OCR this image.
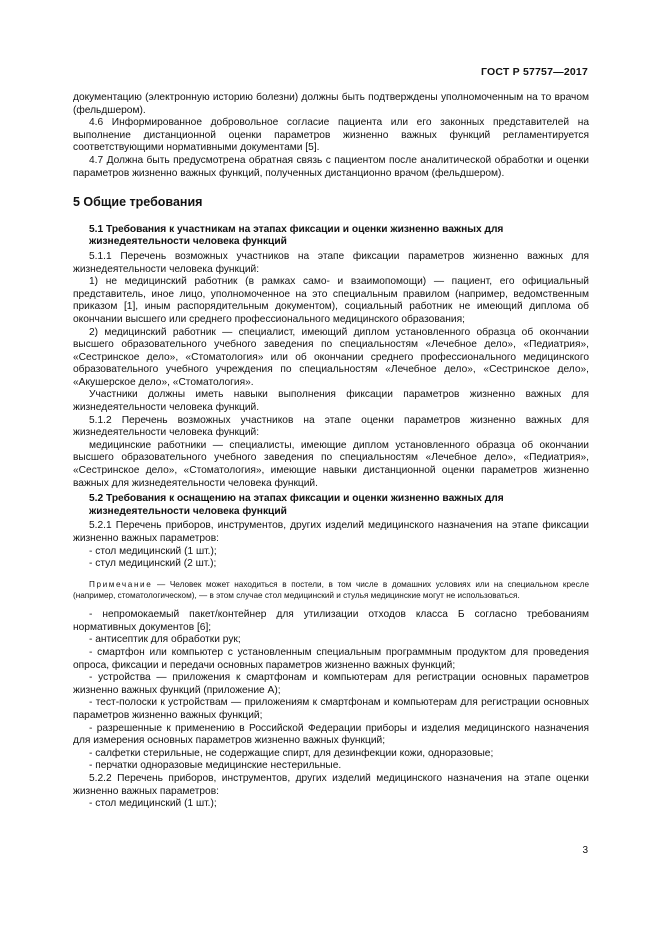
ГОСТ Р 57757—2017

документацию (электронную историю болезни) должны быть подтверждены уполномоченным на то врачом (фельдшером).

4.6 Информированное добровольное согласие пациента или его законных представителей на выполнение дистанционной оценки параметров жизненно важных функций регламентируется соответствующими нормативными документами [5].

4.7 Должна быть предусмотрена обратная связь с пациентом после аналитической обработки и оценки параметров жизненно важных функций, полученных дистанционно врачом (фельдшером).

5 Общие требования

5.1 Требования к участникам на этапах фиксации и оценки жизненно важных для жизнедеятельности человека функций

5.1.1 Перечень возможных участников на этапе фиксации параметров жизненно важных для жизнедеятельности человека функций:

1) не медицинский работник (в рамках само- и взаимопомощи) — пациент, его официальный представитель, иное лицо, уполномоченное на это специальным правилом (например, ведомственным приказом [1], иным распорядительным документом), социальный работник не имеющий диплома об окончании высшего или среднего профессионального медицинского образования;

2) медицинский работник — специалист, имеющий диплом установленного образца об окончании высшего образовательного учебного заведения по специальностям «Лечебное дело», «Педиатрия», «Сестринское дело», «Стоматология» или об окончании среднего профессионального медицинского образовательного учебного учреждения по специальностям «Лечебное дело», «Сестринское дело», «Акушерское дело», «Стоматология».

Участники должны иметь навыки выполнения фиксации параметров жизненно важных для жизнедеятельности человека функций.

5.1.2 Перечень возможных участников на этапе оценки параметров жизненно важных для жизнедеятельности человека функций:

медицинские работники — специалисты, имеющие диплом установленного образца об окончании высшего образовательного учебного заведения по специальностям «Лечебное дело», «Педиатрия», «Сестринское дело», «Стоматология», имеющие навыки дистанционной оценки параметров жизненно важных для жизнедеятельности человека функций.

5.2 Требования к оснащению на этапах фиксации и оценки жизненно важных для жизнедеятельности человека функций

5.2.1 Перечень приборов, инструментов, других изделий медицинского назначения на этапе фиксации жизненно важных параметров:

- стол медицинский (1 шт.);

- стул медицинский (2 шт.);

Примечание — Человек может находиться в постели, в том числе в домашних условиях или на специальном кресле (например, стоматологическом), — в этом случае стол медицинский и стулья медицинские могут не использоваться.

- непромокаемый пакет/контейнер для утилизации отходов класса Б согласно требованиям нормативных документов [6];

- антисептик для обработки рук;

- смартфон или компьютер с установленным специальным программным продуктом для проведения опроса, фиксации и передачи основных параметров жизненно важных функций;

- устройства — приложения к смартфонам и компьютерам для регистрации основных параметров жизненно важных функций (приложение А);

- тест-полоски к устройствам — приложениям к смартфонам и компьютерам для регистрации основных параметров жизненно важных функций;

- разрешенные к применению в Российской Федерации приборы и изделия медицинского назначения для измерения основных параметров жизненно важных функций;

- салфетки стерильные, не содержащие спирт, для дезинфекции кожи, одноразовые;

- перчатки одноразовые медицинские нестерильные.

5.2.2 Перечень приборов, инструментов, других изделий медицинского назначения на этапе оценки жизненно важных параметров:

- стол медицинский (1 шт.);

3
